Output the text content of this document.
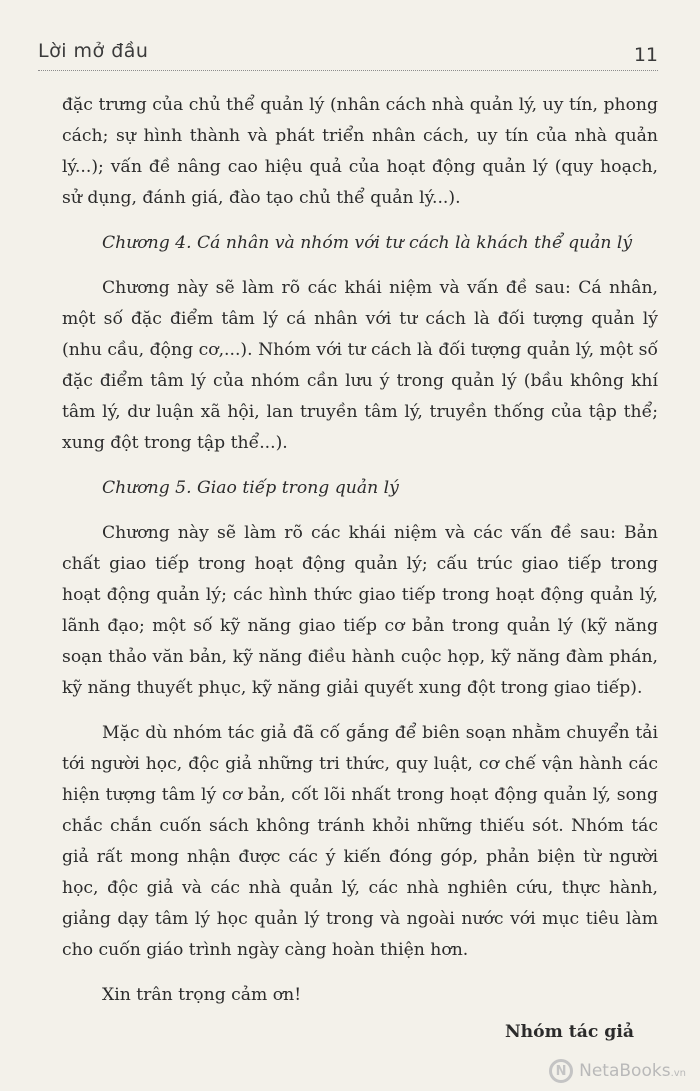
Lời mở đầu	11

đặc trưng của chủ thể quản lý (nhân cách nhà quản lý, uy tín, phong cách; sự hình thành và phát triển nhân cách, uy tín của nhà quản lý...); vấn đề nâng cao hiệu quả của hoạt động quản lý (quy hoạch, sử dụng, đánh giá, đào tạo chủ thể quản lý...).

Chương 4. Cá nhân và nhóm với tư cách là khách thể quản lý

Chương này sẽ làm rõ các khái niệm và vấn đề sau: Cá nhân, một số đặc điểm tâm lý cá nhân với tư cách là đối tượng quản lý (nhu cầu, động cơ,...). Nhóm với tư cách là đối tượng quản lý, một số đặc điểm tâm lý của nhóm cần lưu ý trong quản lý (bầu không khí tâm lý, dư luận xã hội, lan truyền tâm lý, truyền thống của tập thể; xung đột trong tập thể...).

Chương 5. Giao tiếp trong quản lý

Chương này sẽ làm rõ các khái niệm và các vấn đề sau: Bản chất giao tiếp trong hoạt động quản lý; cấu trúc giao tiếp trong hoạt động quản lý; các hình thức giao tiếp trong hoạt động quản lý, lãnh đạo; một số kỹ năng giao tiếp cơ bản trong quản lý (kỹ năng soạn thảo văn bản, kỹ năng điều hành cuộc họp, kỹ năng đàm phán, kỹ năng thuyết phục, kỹ năng giải quyết xung đột trong giao tiếp).

Mặc dù nhóm tác giả đã cố gắng để biên soạn nhằm chuyển tải tới người học, độc giả những tri thức, quy luật, cơ chế vận hành các hiện tượng tâm lý cơ bản, cốt lõi nhất trong hoạt động quản lý, song chắc chắn cuốn sách không tránh khỏi những thiếu sót. Nhóm tác giả rất mong nhận được các ý kiến đóng góp, phản biện từ người học, độc giả và các nhà quản lý, các nhà nghiên cứu, thực hành, giảng dạy tâm lý học quản lý trong và ngoài nước với mục tiêu làm cho cuốn giáo trình ngày càng hoàn thiện hơn.

Xin trân trọng cảm ơn!

Nhóm tác giả

N NetaBooks.vn
